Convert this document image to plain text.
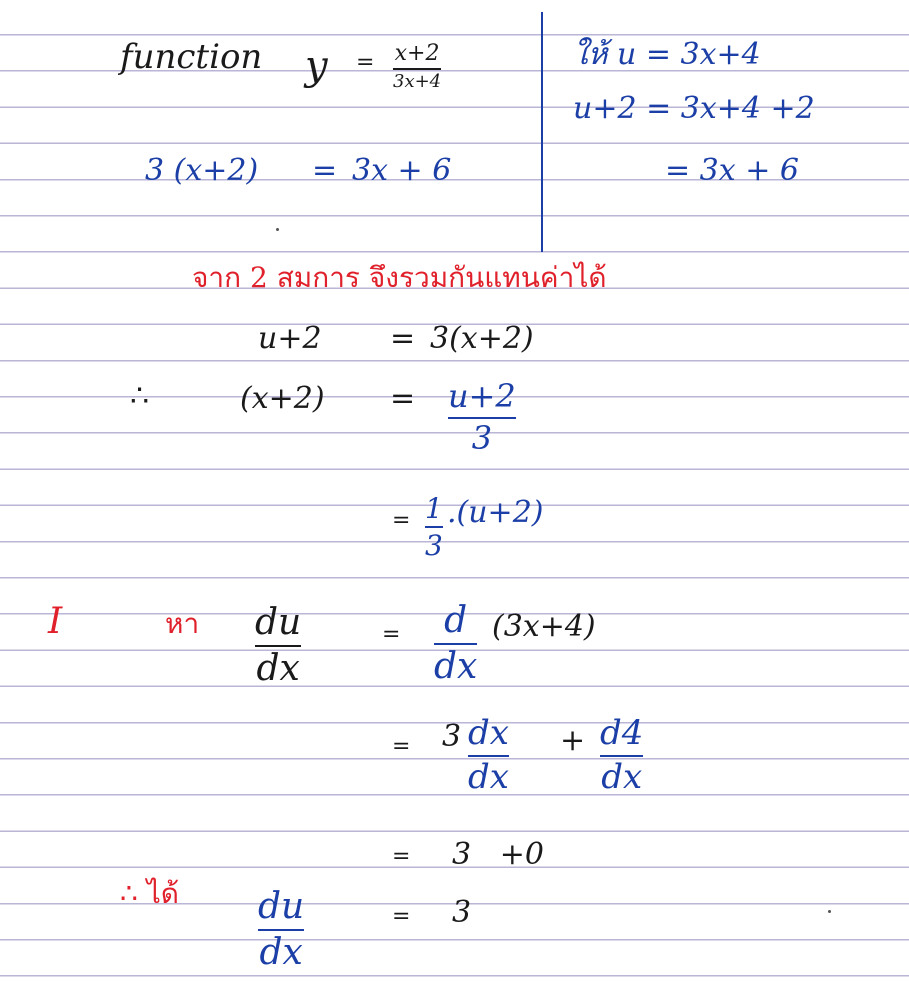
function y = x+2
3x+4
3 (x+2) = 3x + 6
ให้ u = 3x+4
u+2 = 3x+4 +2
= 3x + 6
จาก 2 สมการ จึงรวมกันแทนค่าได้
u+2 = 3(x+2)
∴	(x+2) = u+2
3
= 1
3
.(u+2)
I	หา du
dx
= d
dx
(3x+4)
= 3 dx
dx
+ d4
dx
= 3   +0
∴ ได้ du
dx
= 3
